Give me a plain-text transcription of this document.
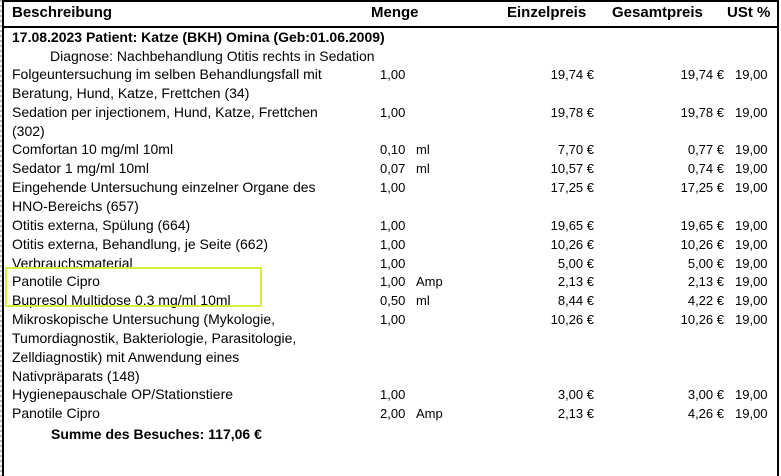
Beschreibung	Menge	Einzelpreis Gesamtpreis USt %
17.08.2023 Patient: Katze (BKH) Omina (Geb:01.06.2009)
Diagnose: Nachbehandlung Otitis rechts in Sedation
Folgeuntersuchung im selben Behandlungsfall mit
Beratung, Hund, Katze, Frettchen (34)
1,00	19,74 €	19,74 € 19,00
Sedation per injectionem, Hund, Katze, Frettchen
(302)
1,00	19,78 €	19,78 € 19,00
Comfortan 10 mg/ml 10ml	0,10 ml	7,70 €	0,77 € 19,00
Sedator 1 mg/ml 10ml	0,07 ml	10,57 €	0,74 € 19,00
Eingehende Untersuchung einzelner Organe des
HNO-Bereichs (657)
1,00	17,25 €	17,25 € 19,00
Otitis externa, Spülung (664)	1,00	19,65 €	19,65 € 19,00
Otitis externa, Behandlung, je Seite (662)	1,00	10,26 €	10,26 € 19,00
Verbrauchsmaterial	1,00	5,00 €	5,00 € 19,00
Panotile Cipro	1,00 Amp	2,13 €	2,13 € 19,00
Bupresol Multidose 0,3 mg/ml 10ml	0,50 ml	8,44 €	4,22 € 19,00
Mikroskopische Untersuchung (Mykologie,
Tumordiagnostik, Bakteriologie, Parasitologie,
Zelldiagnostik) mit Anwendung eines
Nativpräparats (148)
1,00	10,26 €	10,26 € 19,00
Hygienepauschale OP/Stationstiere	1,00	3,00 €	3,00 € 19,00
Panotile Cipro	2,00 Amp	2,13 €	4,26 € 19,00
Summe des Besuches: 117,06 €
